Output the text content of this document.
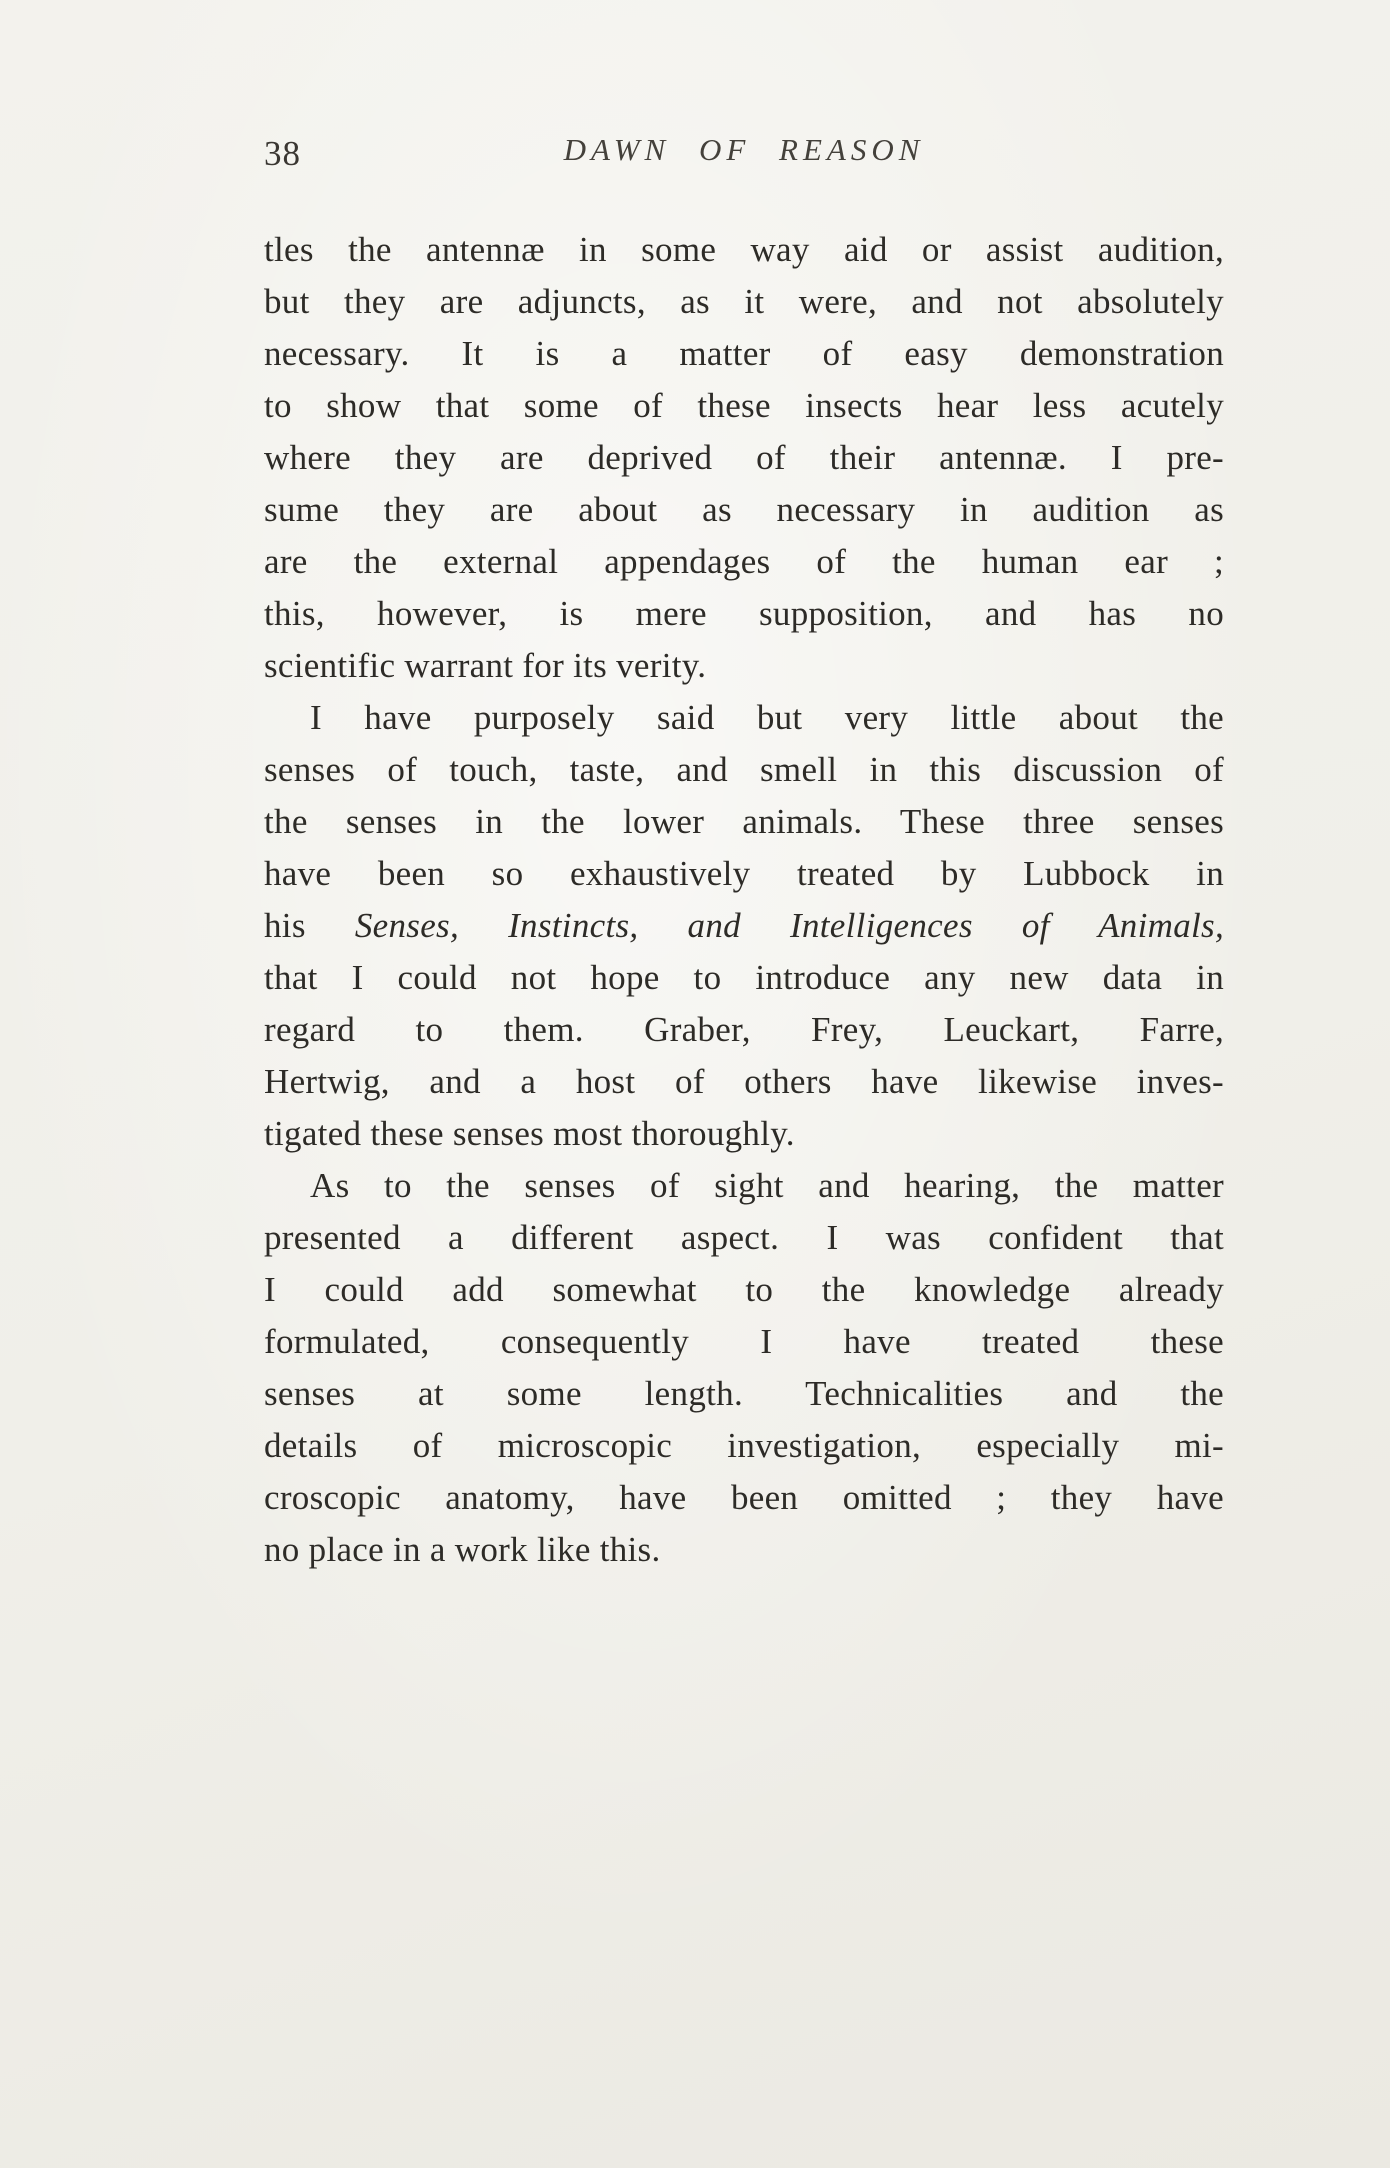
38	DAWN OF REASON
tles the antennæ in some way aid or assist audition,
but they are adjuncts, as it were, and not absolutely
necessary. It is a matter of easy demonstration
to show that some of these insects hear less acutely
where they are deprived of their antennæ. I pre-
sume they are about as necessary in audition as
are the external appendages of the human ear ;
this, however, is mere supposition, and has no
scientific warrant for its verity.
I have purposely said but very little about the
senses of touch, taste, and smell in this discussion of
the senses in the lower animals. These three senses
have been so exhaustively treated by Lubbock in
his Senses, Instincts, and Intelligences of Animals,
that I could not hope to introduce any new data in
regard to them. Graber, Frey, Leuckart, Farre,
Hertwig, and a host of others have likewise inves-
tigated these senses most thoroughly.
As to the senses of sight and hearing, the matter
presented a different aspect. I was confident that
I could add somewhat to the knowledge already
formulated, consequently I have treated these
senses at some length. Technicalities and the
details of microscopic investigation, especially mi-
croscopic anatomy, have been omitted ; they have
no place in a work like this.
